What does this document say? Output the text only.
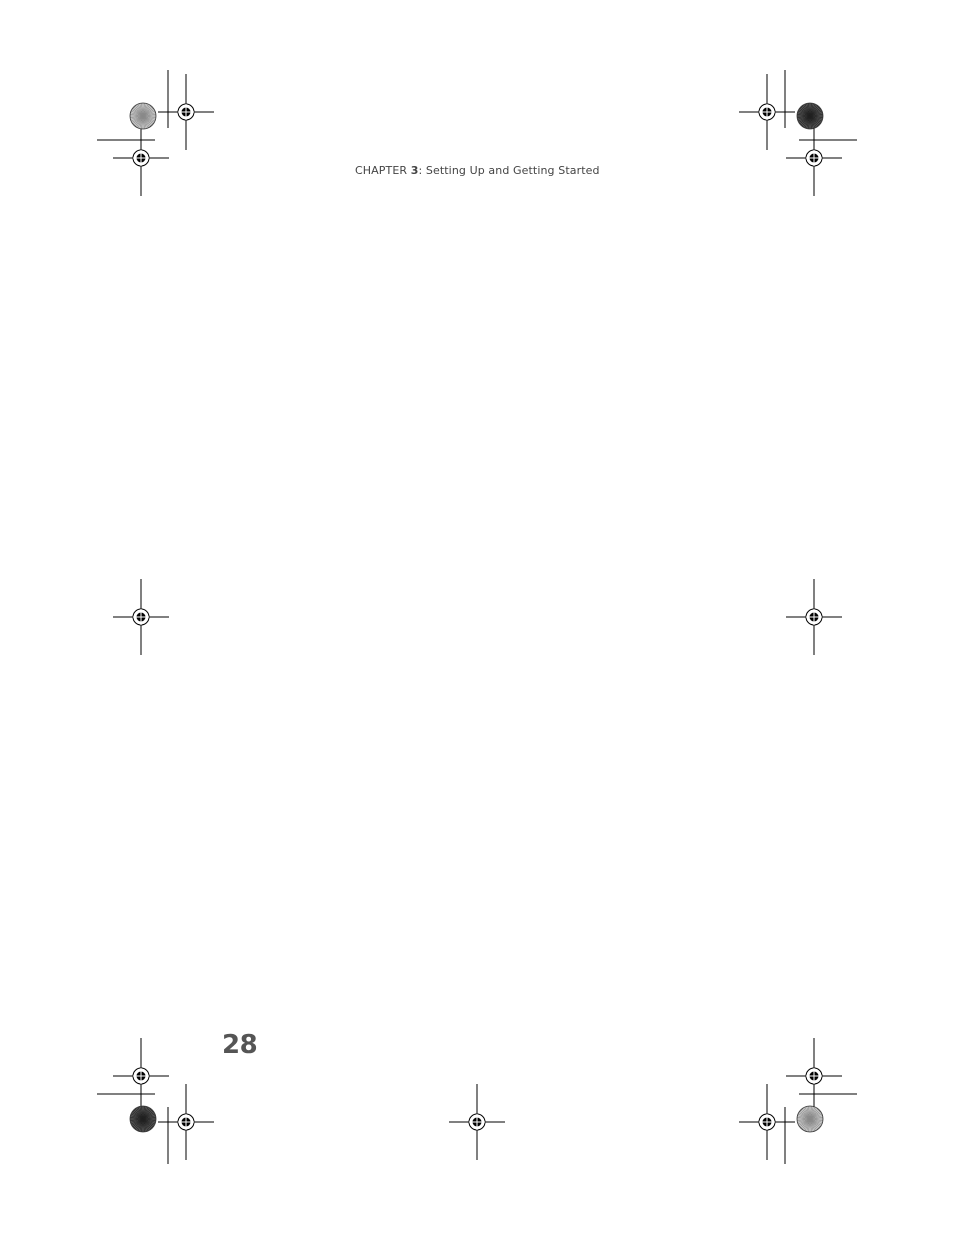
CHAPTER 3: Setting Up and Getting Started
28
